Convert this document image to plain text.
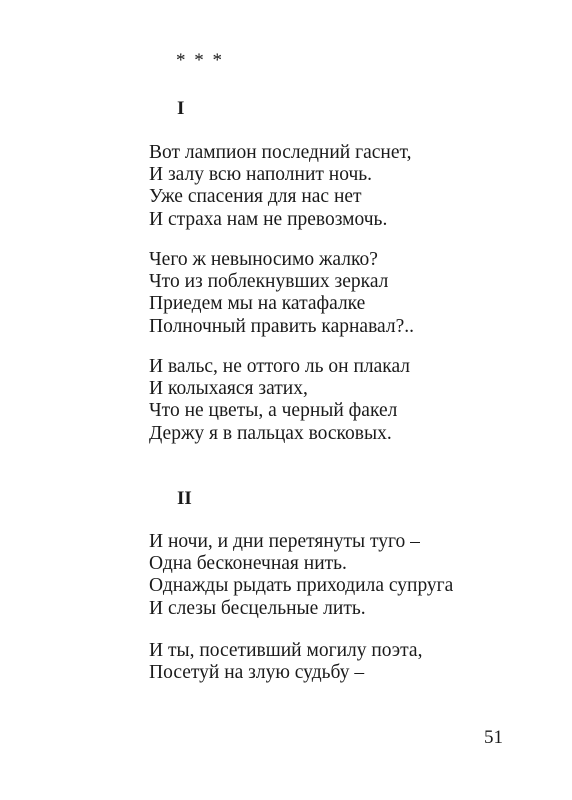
* * *
I
Вот лампион последний гаснет,
И залу всю наполнит ночь.
Уже спасения для нас нет
И страха нам не превозмочь.
Чего ж невыносимо жалко?
Что из поблекнувших зеркал
Приедем мы на катафалке
Полночный править карнавал?..
И вальс, не оттого ль он плакал
И колыхаяся затих,
Что не цветы, а черный факел
Держу я в пальцах восковых.
II
И ночи, и дни перетянуты туго –
Одна бесконечная нить.
Однажды рыдать приходила супруга
И слезы бесцельные лить.
И ты, посетивший могилу поэта,
Посетуй на злую судьбу –
51
